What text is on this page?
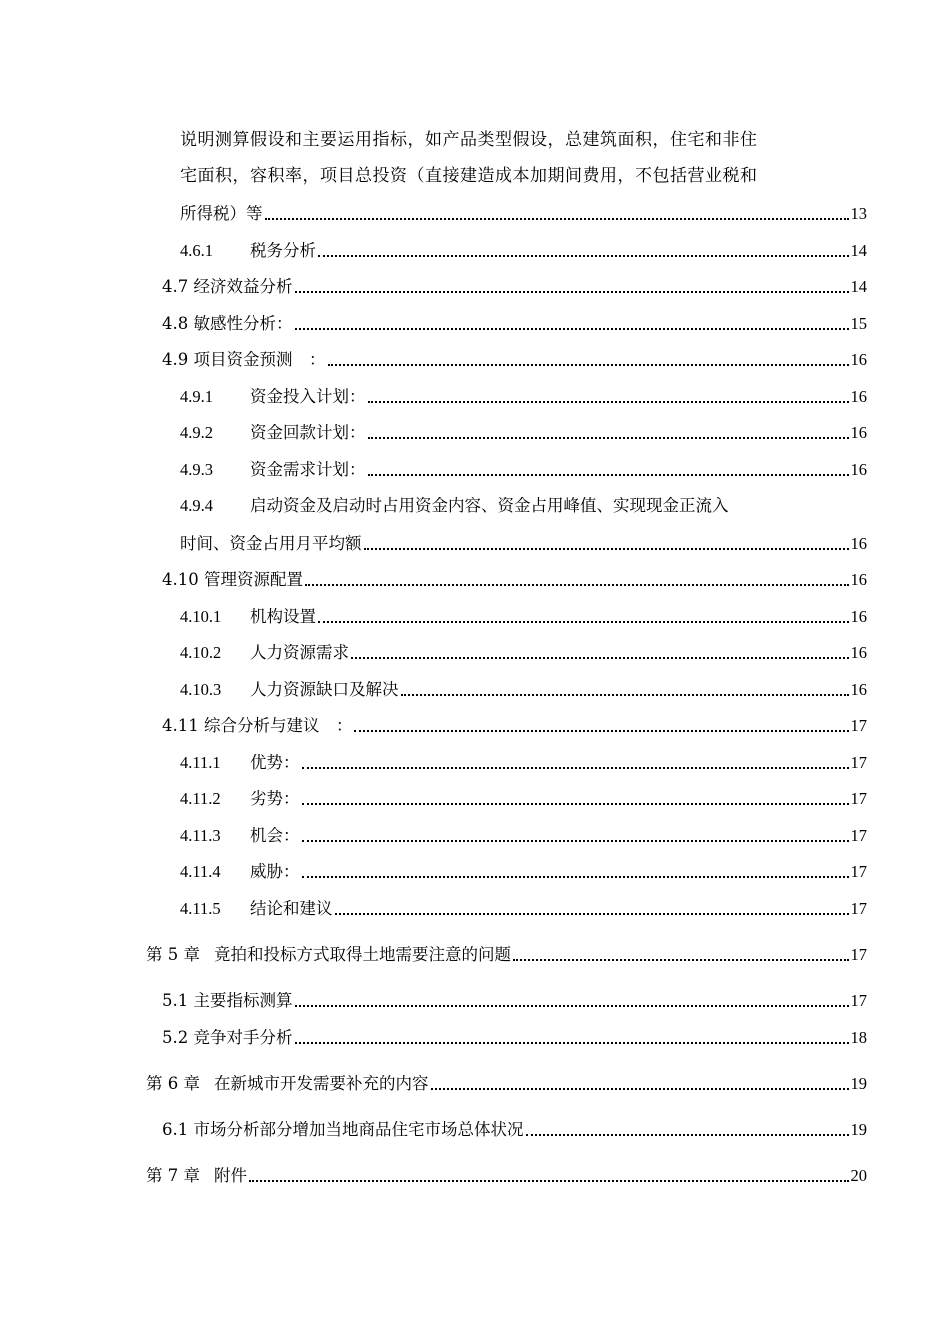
说明测算假设和主要运用指标，如产品类型假设，总建筑面积，住宅和非住
宅面积，容积率，项目总投资（直接建造成本加期间费用，不包括营业税和
所得税）等	13
4.6.1	税务分析	14
4.7 经济效益分析	14
4.8 敏感性分析：	15
4.9 项目资金预测　：	16
4.9.1	资金投入计划：	16
4.9.2	资金回款计划：	16
4.9.3	资金需求计划：	16
4.9.4	启动资金及启动时占用资金内容、资金占用峰值、实现现金正流入
时间、资金占用月平均额	16
4.10 管理资源配置	16
4.10.1	机构设置	16
4.10.2	人力资源需求	16
4.10.3	人力资源缺口及解决	16
4.11 综合分析与建议　：	17
4.11.1	优势：	17
4.11.2	劣势：	17
4.11.3	机会：	17
4.11.4	威胁：	17
4.11.5	结论和建议	17
第 5 章 竟拍和投标方式取得土地需要注意的问题	17
5.1 主要指标测算	17
5.2 竞争对手分析	18
第 6 章 在新城市开发需要补充的内容	19
6.1 市场分析部分增加当地商品住宅市场总体状况	19
第 7 章 附件	20
